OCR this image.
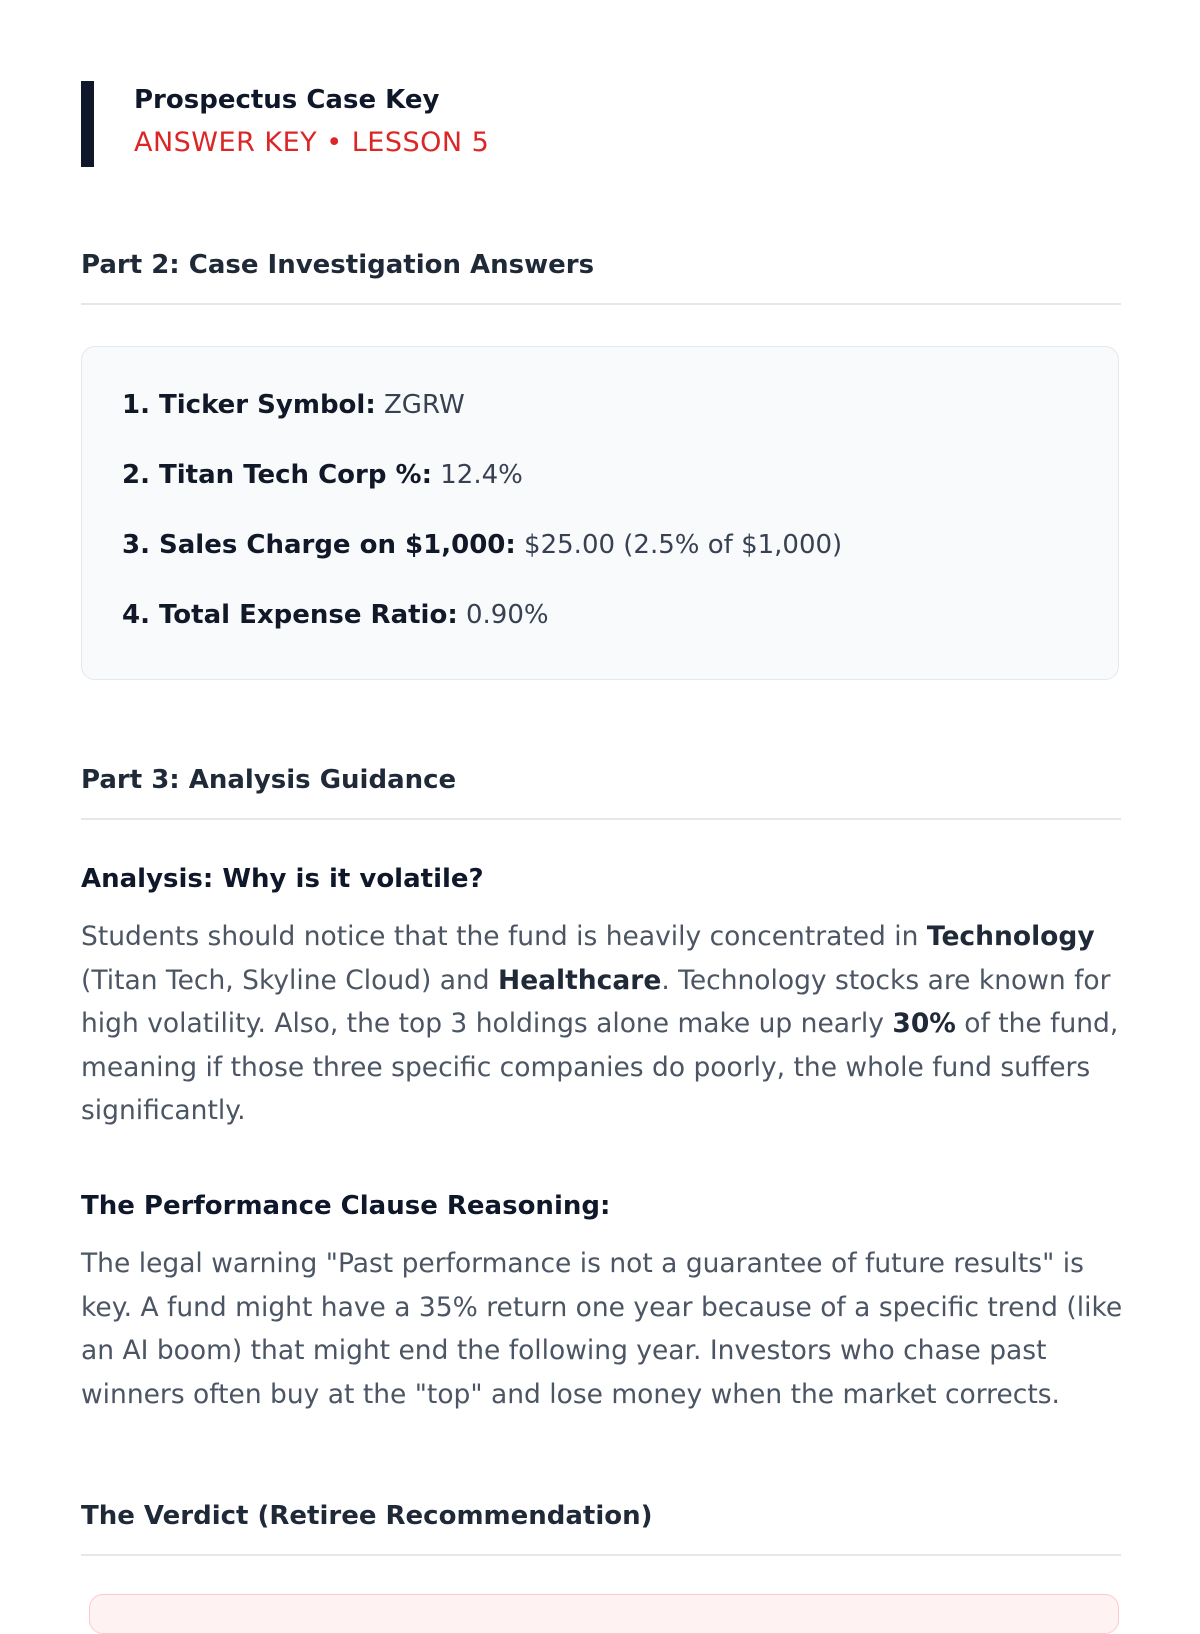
Prospectus Case Key
ANSWER KEY • LESSON 5
Part 2: Case Investigation Answers
1. Ticker Symbol: ZGRW
2. Titan Tech Corp %: 12.4%
3. Sales Charge on $1,000: $25.00 (2.5% of $1,000)
4. Total Expense Ratio: 0.90%
Part 3: Analysis Guidance
Analysis: Why is it volatile?
Students should notice that the fund is heavily concentrated in Technology (Titan Tech, Skyline Cloud) and Healthcare. Technology stocks are known for high volatility. Also, the top 3 holdings alone make up nearly 30% of the fund, meaning if those three specific companies do poorly, the whole fund suffers significantly.
The Performance Clause Reasoning:
The legal warning "Past performance is not a guarantee of future results" is key. A fund might have a 35% return one year because of a specific trend (like an AI boom) that might end the following year. Investors who chase past winners often buy at the "top" and lose money when the market corrects.
The Verdict (Retiree Recommendation)
